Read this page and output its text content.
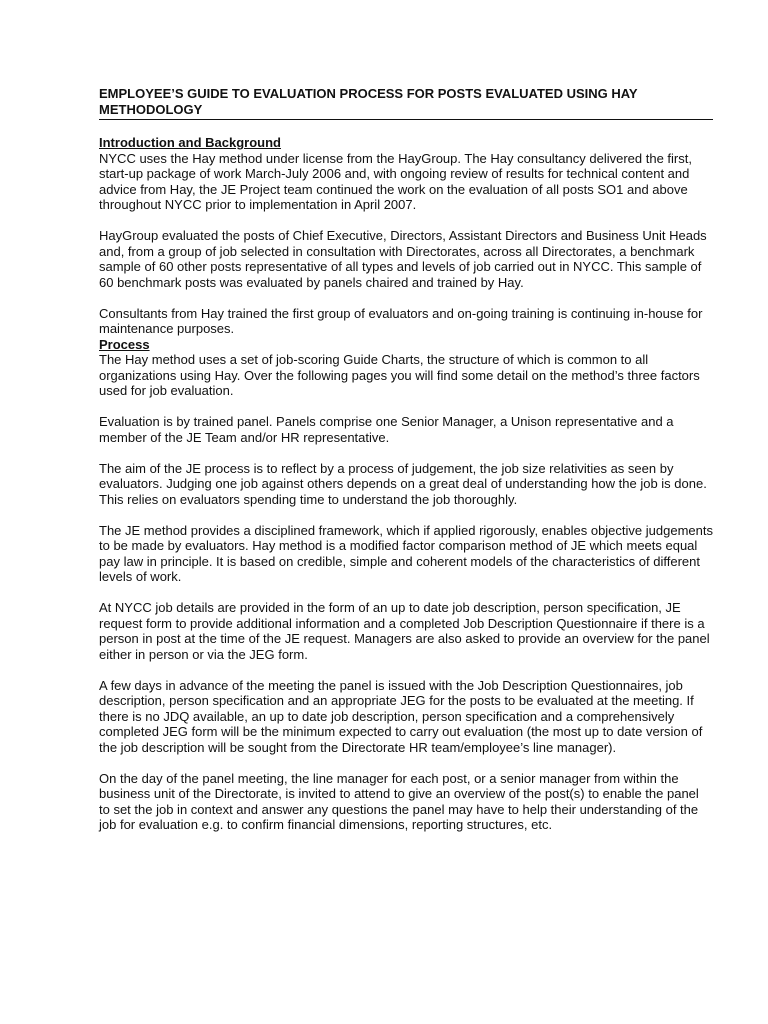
EMPLOYEE’S GUIDE TO EVALUATION PROCESS FOR POSTS EVALUATED USING HAY METHODOLOGY
Introduction and Background

NYCC uses the Hay method under license from the HayGroup. The Hay consultancy delivered the first, start-up package of work March-July 2006 and, with ongoing review of results for technical content and advice from Hay, the JE Project team continued the work on the evaluation of all posts SO1 and above throughout NYCC prior to implementation in April 2007.

HayGroup evaluated the posts of Chief Executive, Directors, Assistant Directors and Business Unit Heads and, from a group of job selected in consultation with Directorates, across all Directorates, a benchmark sample of 60 other posts representative of all types and levels of job carried out in NYCC. This sample of 60 benchmark posts was evaluated by panels chaired and trained by Hay.

Consultants from Hay trained the first group of evaluators and on-going training is continuing in-house for maintenance purposes.

Process

The Hay method uses a set of job-scoring Guide Charts, the structure of which is common to all organizations using Hay. Over the following pages you will find some detail on the method’s three factors used for job evaluation.

Evaluation is by trained panel. Panels comprise one Senior Manager, a Unison representative and a member of the JE Team and/or HR representative.

The aim of the JE process is to reflect by a process of judgement, the job size relativities as seen by evaluators. Judging one job against others depends on a great deal of understanding how the job is done. This relies on evaluators spending time to understand the job thoroughly.

The JE method provides a disciplined framework, which if applied rigorously, enables objective judgements to be made by evaluators. Hay method is a modified factor comparison method of JE which meets equal pay law in principle. It is based on credible, simple and coherent models of the characteristics of different levels of work.

At NYCC job details are provided in the form of an up to date job description, person specification, JE request form to provide additional information and a completed Job Description Questionnaire if there is a person in post at the time of the JE request. Managers are also asked to provide an overview for the panel either in person or via the JEG form.

A few days in advance of the meeting the panel is issued with the Job Description Questionnaires, job description, person specification and an appropriate JEG for the posts to be evaluated at the meeting. If there is no JDQ available, an up to date job description, person specification and a comprehensively completed JEG form will be the minimum expected to carry out evaluation (the most up to date version of the job description will be sought from the Directorate HR team/employee’s line manager).

On the day of the panel meeting, the line manager for each post, or a senior manager from within the business unit of the Directorate, is invited to attend to give an overview of the post(s) to enable the panel to set the job in context and answer any questions the panel may have to help their understanding of the job for evaluation e.g. to confirm financial dimensions, reporting structures, etc.
